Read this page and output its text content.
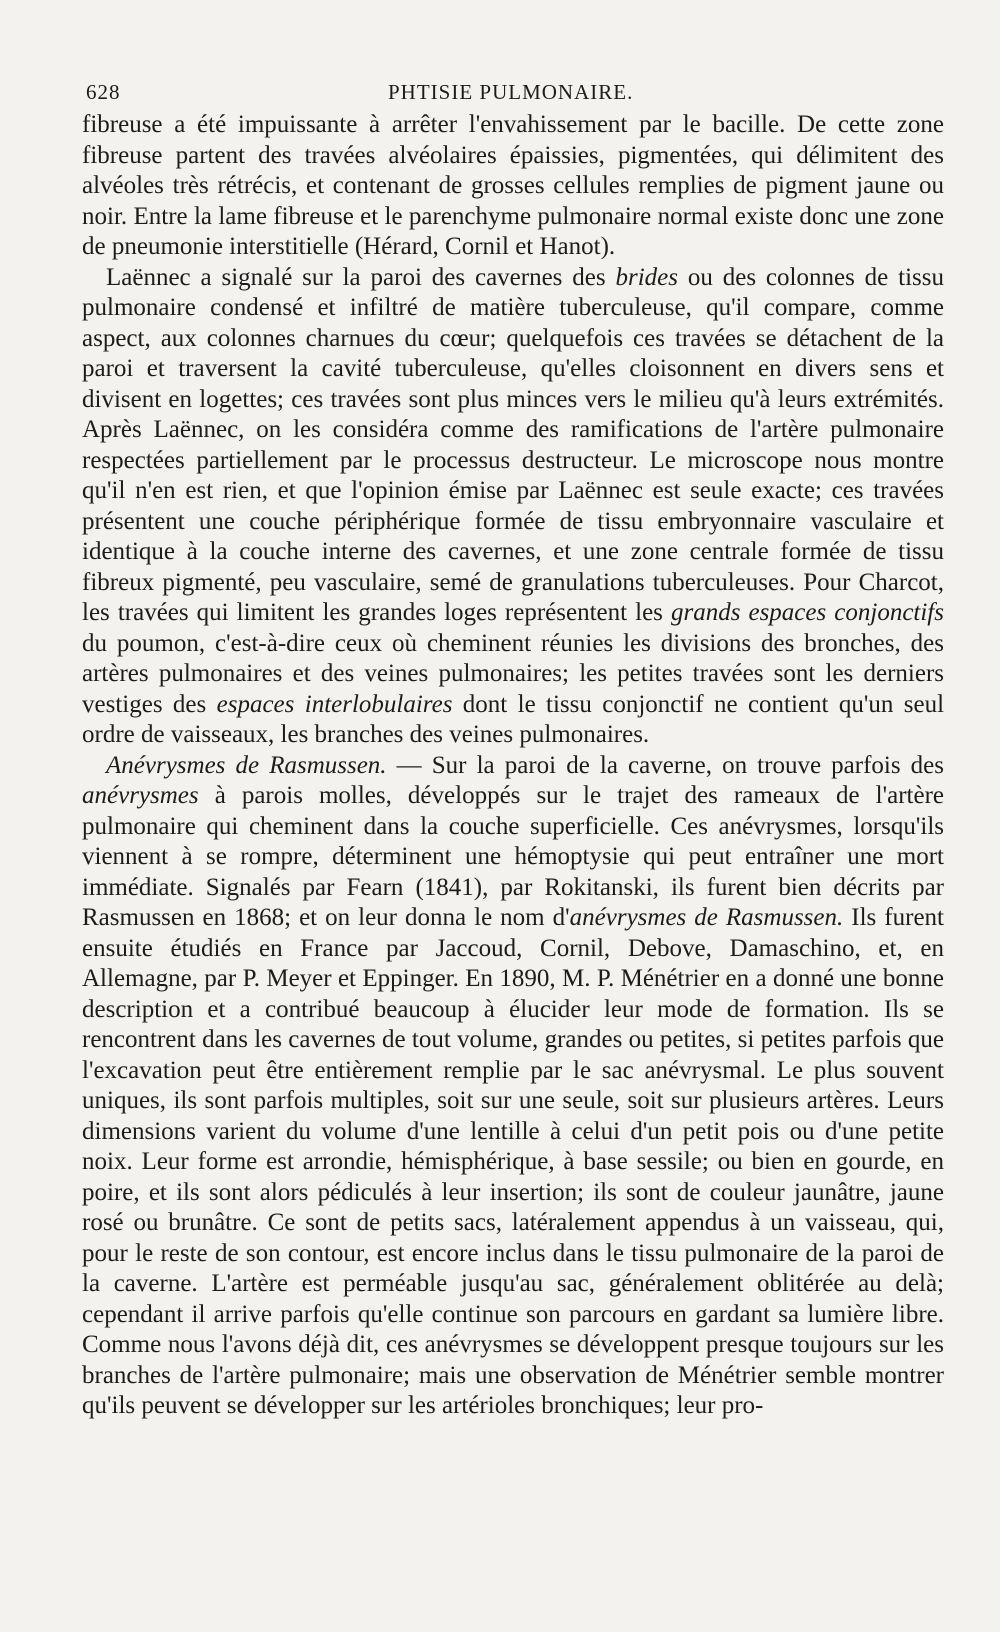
628	PHTISIE PULMONAIRE.

fibreuse a été impuissante à arrêter l'envahissement par le bacille. De cette zone fibreuse partent des travées alvéolaires épaissies, pigmentées, qui délimitent des alvéoles très rétrécis, et contenant de grosses cellules remplies de pigment jaune ou noir. Entre la lame fibreuse et le parenchyme pulmonaire normal existe donc une zone de pneumonie interstitielle (Hérard, Cornil et Hanot).

Laënnec a signalé sur la paroi des cavernes des brides ou des colonnes de tissu pulmonaire condensé et infiltré de matière tuberculeuse, qu'il compare, comme aspect, aux colonnes charnues du cœur; quelquefois ces travées se détachent de la paroi et traversent la cavité tuberculeuse, qu'elles cloisonnent en divers sens et divisent en logettes; ces travées sont plus minces vers le milieu qu'à leurs extrémités. Après Laënnec, on les considéra comme des ramifications de l'artère pulmonaire respectées partiellement par le processus destructeur. Le microscope nous montre qu'il n'en est rien, et que l'opinion émise par Laënnec est seule exacte; ces travées présentent une couche périphérique formée de tissu embryonnaire vasculaire et identique à la couche interne des cavernes, et une zone centrale formée de tissu fibreux pigmenté, peu vasculaire, semé de granulations tuberculeuses. Pour Charcot, les travées qui limitent les grandes loges représentent les grands espaces conjonctifs du poumon, c'est-à-dire ceux où cheminent réunies les divisions des bronches, des artères pulmonaires et des veines pulmonaires; les petites travées sont les derniers vestiges des espaces interlobulaires dont le tissu conjonctif ne contient qu'un seul ordre de vaisseaux, les branches des veines pulmonaires.

Anévrysmes de Rasmussen. — Sur la paroi de la caverne, on trouve parfois des anévrysmes à parois molles, développés sur le trajet des rameaux de l'artère pulmonaire qui cheminent dans la couche superficielle. Ces anévrysmes, lorsqu'ils viennent à se rompre, déterminent une hémoptysie qui peut entraîner une mort immédiate. Signalés par Fearn (1841), par Rokitanski, ils furent bien décrits par Rasmussen en 1868; et on leur donna le nom d'anévrysmes de Rasmussen. Ils furent ensuite étudiés en France par Jaccoud, Cornil, Debove, Damaschino, et, en Allemagne, par P. Meyer et Eppinger. En 1890, M. P. Ménétrier en a donné une bonne description et a contribué beaucoup à élucider leur mode de formation. Ils se rencontrent dans les cavernes de tout volume, grandes ou petites, si petites parfois que l'excavation peut être entièrement remplie par le sac anévrysmal. Le plus souvent uniques, ils sont parfois multiples, soit sur une seule, soit sur plusieurs artères. Leurs dimensions varient du volume d'une lentille à celui d'un petit pois ou d'une petite noix. Leur forme est arrondie, hémisphérique, à base sessile; ou bien en gourde, en poire, et ils sont alors pédiculés à leur insertion; ils sont de couleur jaunâtre, jaune rosé ou brunâtre. Ce sont de petits sacs, latéralement appendus à un vaisseau, qui, pour le reste de son contour, est encore inclus dans le tissu pulmonaire de la paroi de la caverne. L'artère est perméable jusqu'au sac, généralement oblitérée au delà; cependant il arrive parfois qu'elle continue son parcours en gardant sa lumière libre. Comme nous l'avons déjà dit, ces anévrysmes se développent presque toujours sur les branches de l'artère pulmonaire; mais une observation de Ménétrier semble montrer qu'ils peuvent se développer sur les artérioles bronchiques; leur pro-
